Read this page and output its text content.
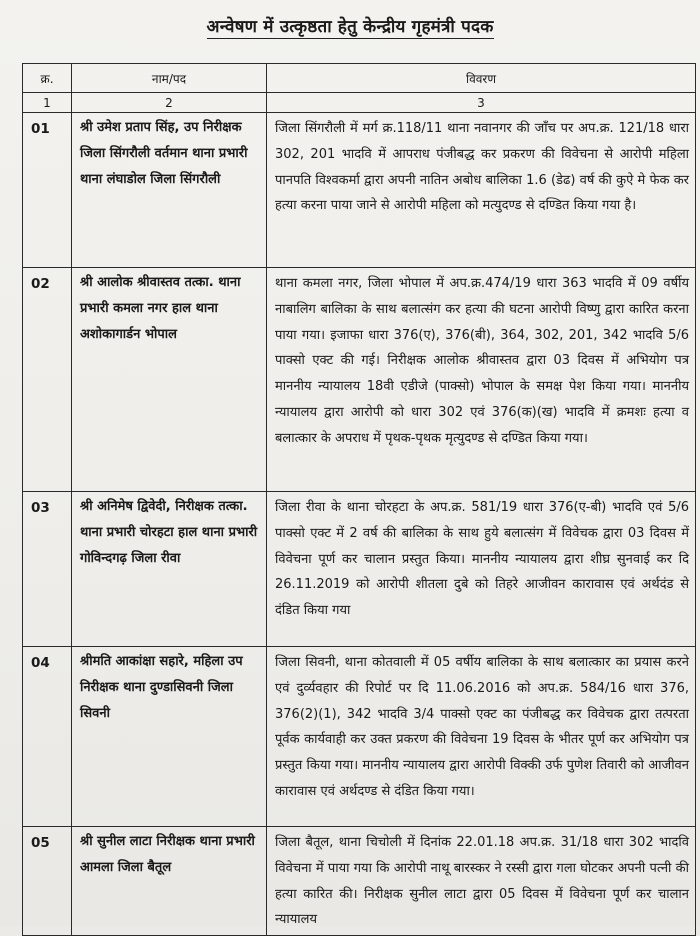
अन्वेषण में उत्कृष्ठता हेतु केन्द्रीय गृहमंत्री पदक
क्र.	नाम/पद	विवरण
1	2	3
01	श्री उमेश प्रताप सिंह, उप निरीक्षक जिला सिंगरौली वर्तमान थाना प्रभारी थाना लंघाडोल जिला सिंगरौली	जिला सिंगरौली में मर्ग क्र.118/11 थाना नवानगर की जाँच पर अप.क्र. 121/18 धारा 302, 201 भादवि में आपराध पंजीबद्ध कर प्रकरण की विवेचना से आरोपी महिला पानपति विश्वकर्मा द्वारा अपनी नातिन अबोध बालिका 1.6 (डेढ) वर्ष की कुऐ मे फेक कर हत्या करना पाया जाने से आरोपी महिला को मत्युदण्ड से दण्डित किया गया है।
02	श्री आलोक श्रीवास्तव तत्का. थाना प्रभारी कमला नगर हाल थाना अशोकागार्डन भोपाल	थाना कमला नगर, जिला भोपाल में अप.क्र.474/19 धारा 363 भादवि में 09 वर्षीय नाबालिग बालिका के साथ बलात्संग कर हत्या की घटना आरोपी विष्णु द्वारा कारित करना पाया गया। इजाफा धारा 376(ए), 376(बी), 364, 302, 201, 342 भादवि 5/6 पाक्सो एक्ट की गई। निरीक्षक आलोक श्रीवास्तव द्वारा 03 दिवस में अभियोग पत्र माननीय न्यायालय 18वी एडीजे (पाक्सो) भोपाल के समक्ष पेश किया गया। माननीय न्यायालय द्वारा आरोपी को धारा 302 एवं 376(क)(ख) भादवि में क्रमशः हत्या व बलात्कार के अपराध में पृथक-पृथक मृत्युदण्ड से दण्डित किया गया।
03	श्री अनिमेष द्विवेदी, निरीक्षक तत्का. थाना प्रभारी चोरहटा हाल थाना प्रभारी गोविन्दगढ़ जिला रीवा	जिला रीवा के थाना चोरहटा के अप.क्र. 581/19 धारा 376(ए-बी) भादवि एवं 5/6 पाक्सो एक्ट में 2 वर्ष की बालिका के साथ हुये बलात्संग में विवेचक द्वारा 03 दिवस में विवेचना पूर्ण कर चालान प्रस्तुत किया। माननीय न्यायालय द्वारा शीघ्र सुनवाई कर दि 26.11.2019 को आरोपी शीतला दुबे को तिहरे आजीवन कारावास एवं अर्थदंड से दंडित किया गया
04	श्रीमति आकांक्षा सहारे, महिला उप निरीक्षक थाना दुण्डासिवनी जिला सिवनी	जिला सिवनी, थाना कोतवाली में 05 वर्षीय बालिका के साथ बलात्कार का प्रयास करने एवं दुर्व्यवहार की रिपोर्ट पर दि 11.06.2016 को अप.क्र. 584/16 धारा 376, 376(2)(1), 342 भादवि 3/4 पाक्सो एक्ट का पंजीबद्ध कर विवेचक द्वारा तत्परता पूर्वक कार्यवाही कर उक्त प्रकरण की विवेचना 19 दिवस के भीतर पूर्ण कर अभियोग पत्र प्रस्तुत किया गया। माननीय न्यायालय द्वारा आरोपी विक्की उर्फ पुणेश तिवारी को आजीवन कारावास एवं अर्थदण्ड से दंडित किया गया।
05	श्री सुनील लाटा निरीक्षक थाना प्रभारी आमला जिला बैतूल	जिला बैतूल, थाना चिचोली में दिनांक 22.01.18 अप.क्र. 31/18 धारा 302 भादवि विवेचना में पाया गया कि आरोपी नाथू बारस्कर ने रस्सी द्वारा गला घोटकर अपनी पत्नी की हत्या कारित की। निरीक्षक सुनील लाटा द्वारा 05 दिवस में विवेचना पूर्ण कर चालान न्यायालय
